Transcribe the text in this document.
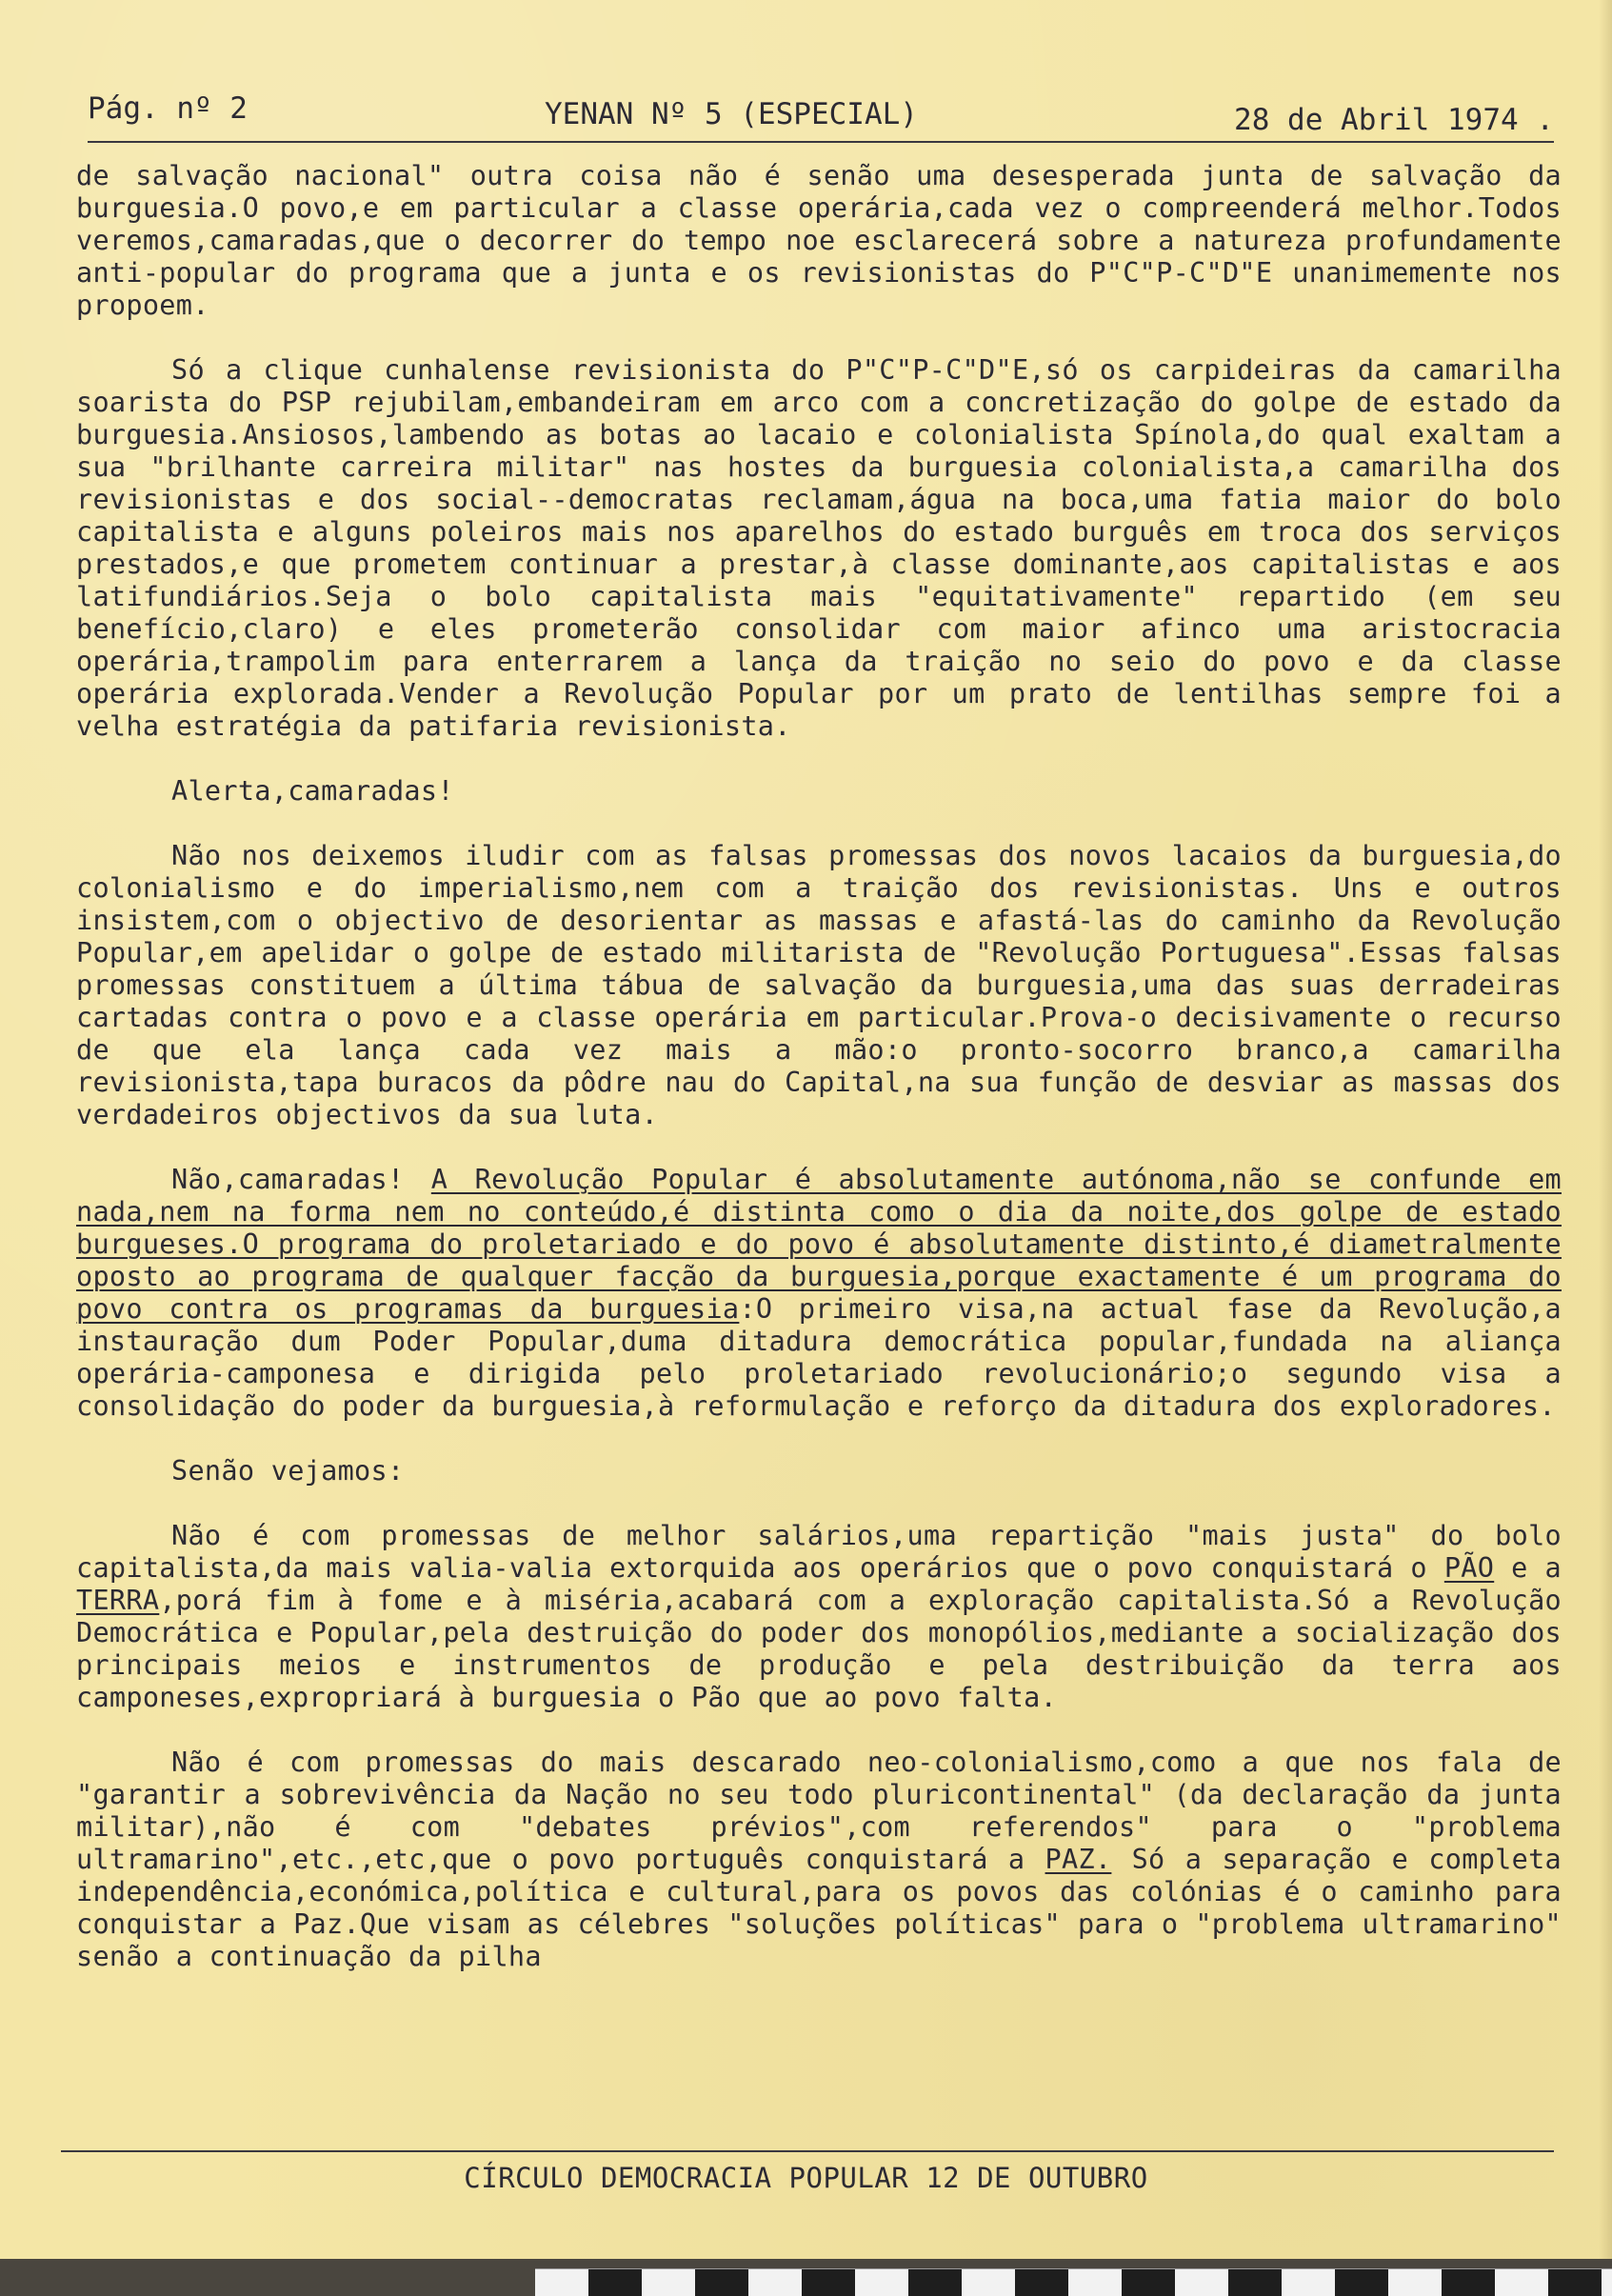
Pág. nº 2	YENAN Nº 5 (ESPECIAL)	28 de Abril 1974 .

de salvação nacional" outra coisa não é senão uma desesperada junta de salvação da burguesia.O povo,e em particular a classe operária,cada vez o compreenderá melhor.Todos veremos,camaradas,que o decorrer do tempo noe esclarecerá sobre a natureza profundamente anti-popular do programa que a junta e os revisionistas do P"C"P-C"D"E unanimemente nos propoem.

Só a clique cunhalense revisionista do P"C"P-C"D"E,só os carpideiras da camarilha soarista do PSP rejubilam,embandeiram em arco com a concretização do golpe de estado da burguesia.Ansiosos,lambendo as botas ao lacaio e colonialista Spínola,do qual exaltam a sua "brilhante carreira militar" nas hostes da burguesia colonialista,a camarilha dos revisionistas e dos social--democratas reclamam,água na boca,uma fatia maior do bolo capitalista e alguns poleiros mais nos aparelhos do estado burguês em troca dos serviços prestados,e que prometem continuar a prestar,à classe dominante,aos capitalistas e aos latifundiários.Seja o bolo capitalista mais "equitativamente" repartido (em seu benefício,claro) e eles prometerão consolidar com maior afinco uma aristocracia operária,trampolim para enterrarem a lança da traição no seio do povo e da classe operária explorada.Vender a Revolução Popular por um prato de lentilhas sempre foi a velha estratégia da patifaria revisionista.

Alerta,camaradas!

Não nos deixemos iludir com as falsas promessas dos novos lacaios da burguesia,do colonialismo e do imperialismo,nem com a traição dos revisionistas. Uns e outros insistem,com o objectivo de desorientar as massas e afastá-las do caminho da Revolução Popular,em apelidar o golpe de estado militarista de "Revolução Portuguesa".Essas falsas promessas constituem a última tábua de salvação da burguesia,uma das suas derradeiras cartadas contra o povo e a classe operária em particular.Prova-o decisivamente o recurso de que ela lança cada vez mais a mão:o pronto-socorro branco,a camarilha revisionista,tapa buracos da pôdre nau do Capital,na sua função de desviar as massas dos verdadeiros objectivos da sua luta.

Não,camaradas! A Revolução Popular é absolutamente autónoma,não se confunde em nada,nem na forma nem no conteúdo,é distinta como o dia da noite,dos golpe de estado burgueses.O programa do proletariado e do povo é absolutamente distinto,é diametralmente oposto ao programa de qualquer facção da burguesia,porque exactamente é um programa do povo contra os programas da burguesia:O primeiro visa,na actual fase da Revolução,a instauração dum Poder Popular,duma ditadura democrática popular,fundada na aliança operária-camponesa e dirigida pelo proletariado revolucionário;o segundo visa a consolidação do poder da burguesia,à reformulação e reforço da ditadura dos exploradores.

Senão vejamos:

Não é com promessas de melhor salários,uma repartição "mais justa" do bolo capitalista,da mais valia-valia extorquida aos operários que o povo conquistará o PÃO e a TERRA,porá fim à fome e à miséria,acabará com a exploração capitalista.Só a Revolução Democrática e Popular,pela destruição do poder dos monopólios,mediante a socialização dos principais meios e instrumentos de produção e pela destribuição da terra aos camponeses,expropriará à burguesia o Pão que ao povo falta.

Não é com promessas do mais descarado neo-colonialismo,como a que nos fala de "garantir a sobrevivência da Nação no seu todo pluricontinental" (da declaração da junta militar),não é com "debates prévios",com referendos" para o "problema ultramarino",etc.,etc,que o povo português conquistará a PAZ. Só a separação e completa independência,económica,política e cultural,para os povos das colónias é o caminho para conquistar a Paz.Que visam as célebres "soluções políticas" para o "problema ultramarino" senão a continuação da pilha

CÍRCULO DEMOCRACIA POPULAR 12 DE OUTUBRO
